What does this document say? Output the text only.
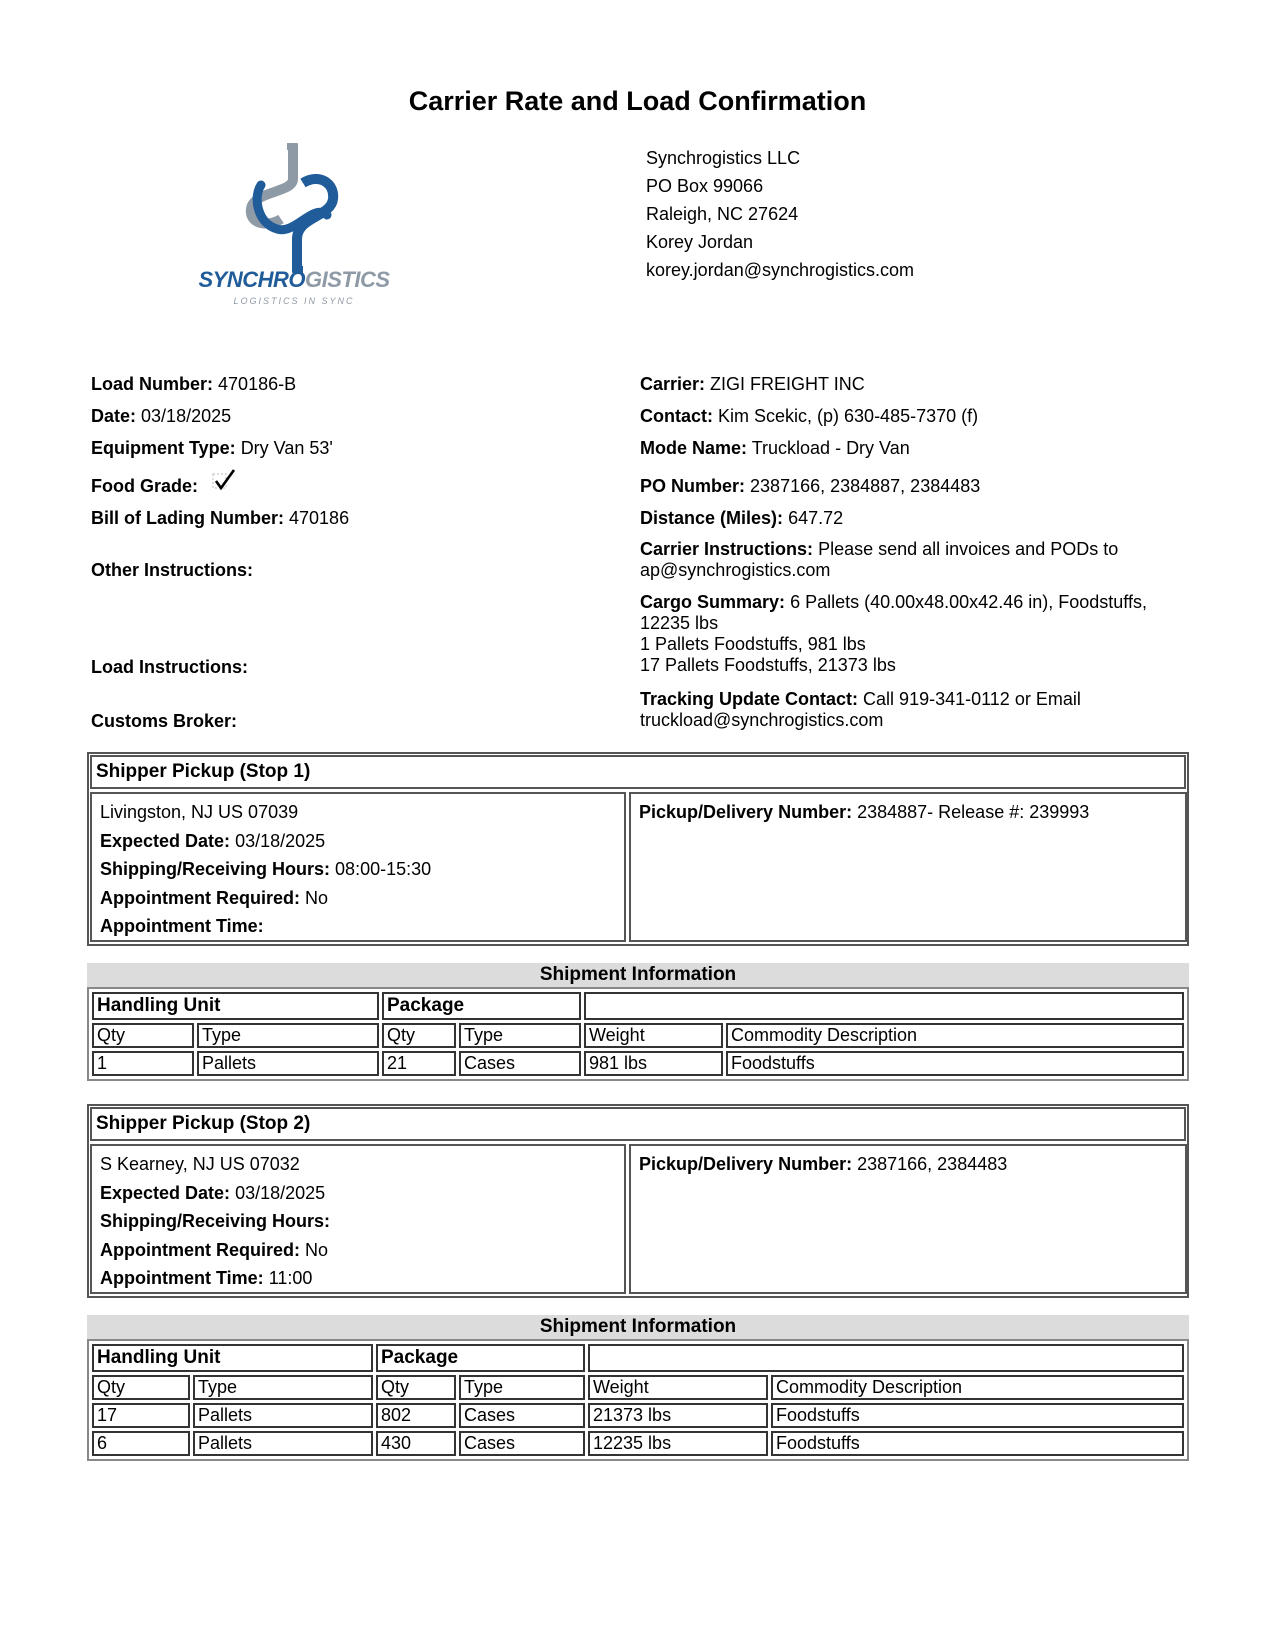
Carrier Rate and Load Confirmation
SYNCHROGISTICS
LOGISTICS IN SYNC
Synchrogistics LLC
PO Box 99066
Raleigh, NC 27624
Korey Jordan
korey.jordan@synchrogistics.com
Load Number: 470186-B
Date: 03/18/2025
Equipment Type: Dry Van 53'
Food Grade:
Bill of Lading Number: 470186
Other Instructions:
Load Instructions:
Customs Broker:
Carrier: ZIGI FREIGHT INC
Contact: Kim Scekic, (p) 630-485-7370 (f)
Mode Name: Truckload - Dry Van
PO Number: 2387166, 2384887, 2384483
Distance (Miles): 647.72
Carrier Instructions: Please send all invoices and PODs to
ap@synchrogistics.com
Cargo Summary: 6 Pallets (40.00x48.00x42.46 in), Foodstuffs,
12235 lbs
1 Pallets Foodstuffs, 981 lbs
17 Pallets Foodstuffs, 21373 lbs
Tracking Update Contact: Call 919-341-0112 or Email
truckload@synchrogistics.com
Shipper Pickup (Stop 1)
Livingston, NJ US 07039
Expected Date: 03/18/2025
Shipping/Receiving Hours: 08:00-15:30
Appointment Required: No
Appointment Time:
Pickup/Delivery Number: 2384887- Release #: 239993
Shipment Information
Handling Unit		Package			
Qty	Type	Qty	Type	Weight	Commodity Description
1	Pallets	21	Cases	981 lbs	Foodstuffs
Shipper Pickup (Stop 2)
S Kearney, NJ US 07032
Expected Date: 03/18/2025
Shipping/Receiving Hours:
Appointment Required: No
Appointment Time: 11:00
Pickup/Delivery Number: 2387166, 2384483
Shipment Information
Handling Unit		Package			
Qty	Type	Qty	Type	Weight	Commodity Description
17	Pallets	802	Cases	21373 lbs	Foodstuffs
6	Pallets	430	Cases	12235 lbs	Foodstuffs
